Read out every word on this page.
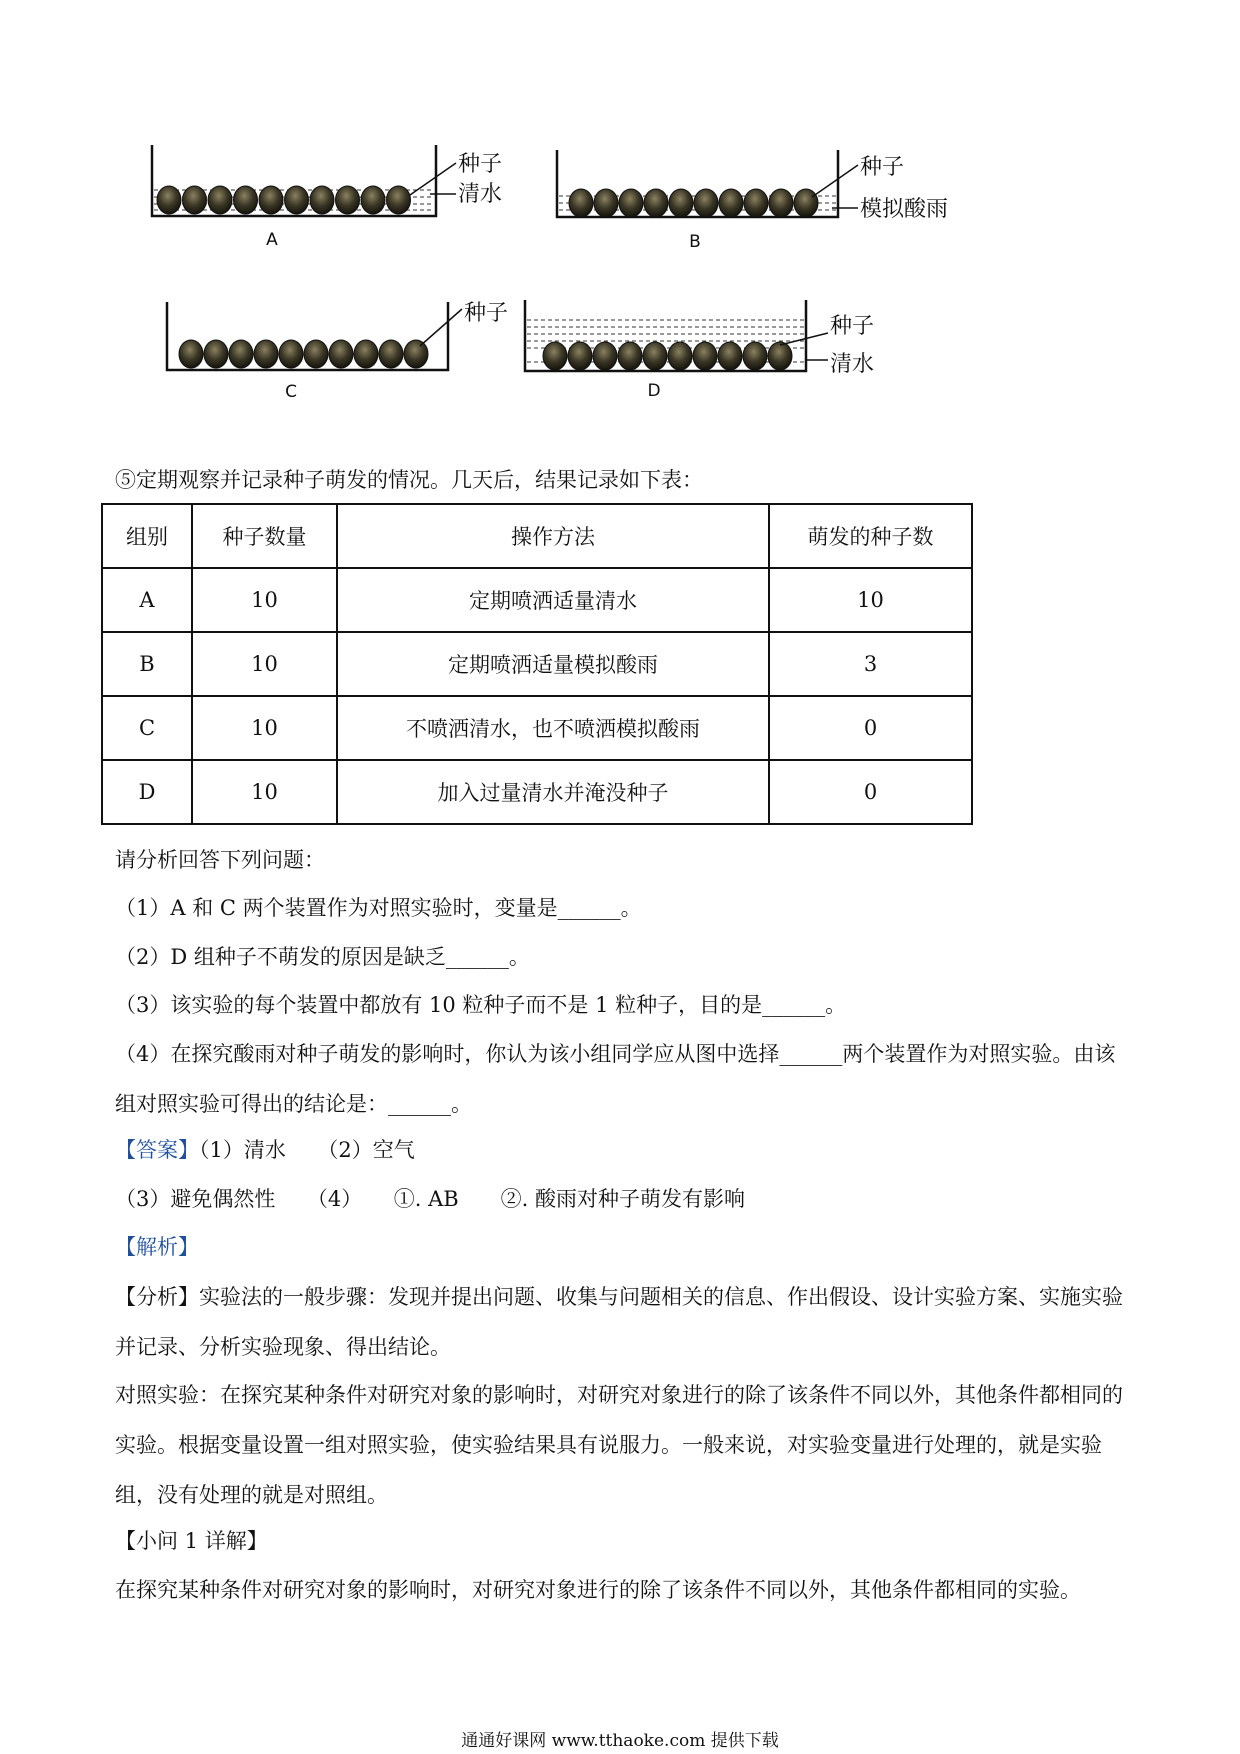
种子
清水
A
种子
模拟酸雨
B
种子
C
种子
清水
D
⑤定期观察并记录种子萌发的情况。几天后，结果记录如下表：
组别	种子数量	操作方法	萌发的种子数
A	10	定期喷洒适量清水	10
B	10	定期喷洒适量模拟酸雨	3
C	10	不喷洒清水，也不喷洒模拟酸雨	0
D	10	加入过量清水并淹没种子	0
请分析回答下列问题：
（1）A 和 C 两个装置作为对照实验时，变量是______。
（2）D 组种子不萌发的原因是缺乏______。
（3）该实验的每个装置中都放有 10 粒种子而不是 1 粒种子，目的是______。
（4）在探究酸雨对种子萌发的影响时，你认为该小组同学应从图中选择______两个装置作为对照实验。由该组对照实验可得出的结论是：______。
【答案】（1）清水　　（2）空气
（3）避免偶然性　　（4）　　①. AB　　②. 酸雨对种子萌发有影响
【解析】
【分析】实验法的一般步骤：发现并提出问题、收集与问题相关的信息、作出假设、设计实验方案、实施实验并记录、分析实验现象、得出结论。
对照实验：在探究某种条件对研究对象的影响时，对研究对象进行的除了该条件不同以外，其他条件都相同的实验。根据变量设置一组对照实验，使实验结果具有说服力。一般来说，对实验变量进行处理的，就是实验组，没有处理的就是对照组。
【小问 1 详解】
在探究某种条件对研究对象的影响时，对研究对象进行的除了该条件不同以外，其他条件都相同的实验。
通通好课网 www.tthaoke.com 提供下载
